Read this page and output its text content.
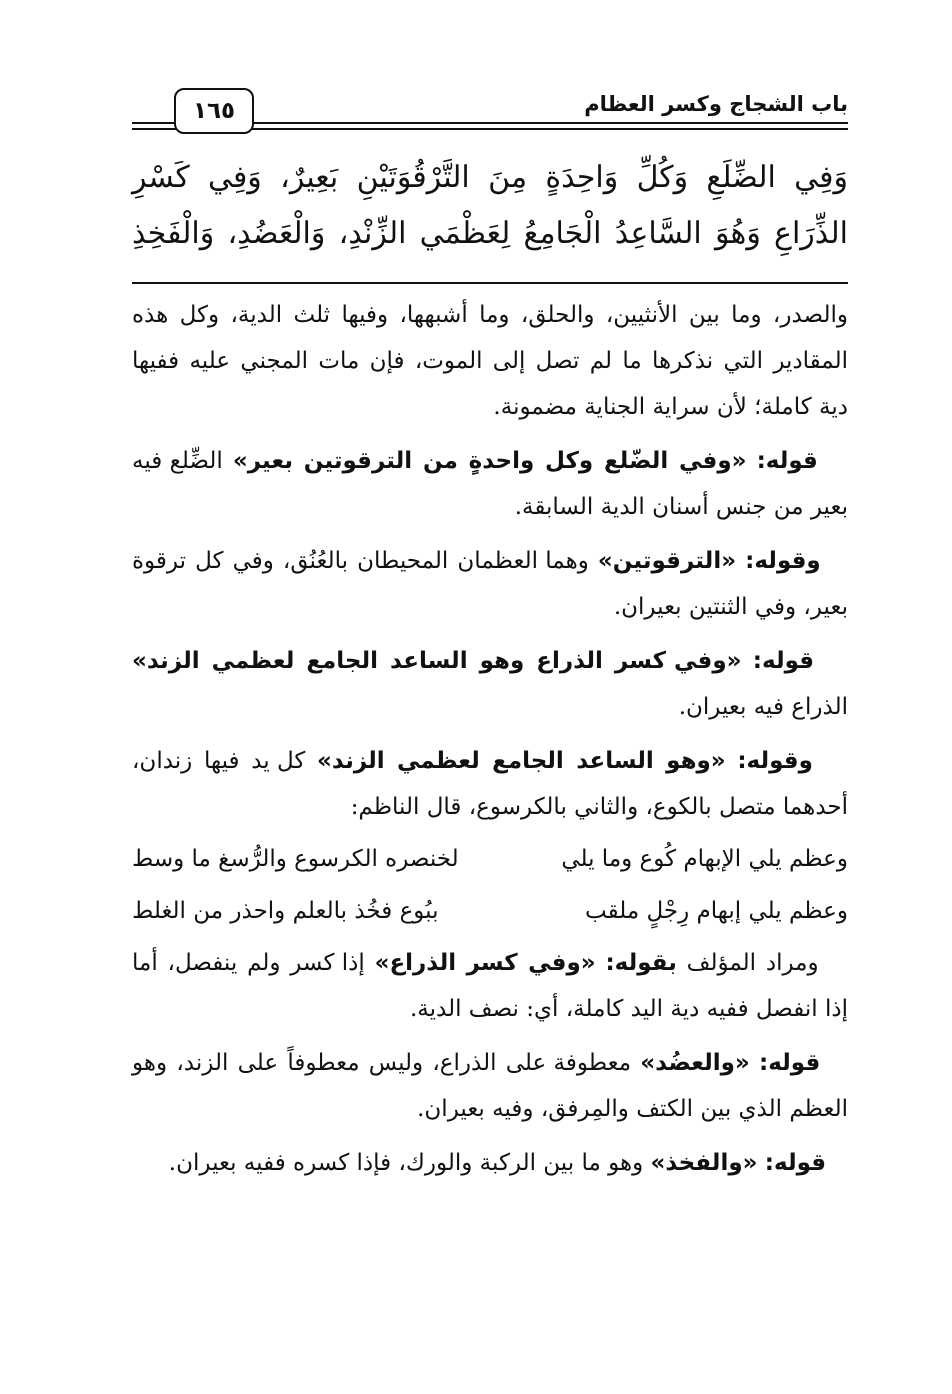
باب الشجاج وكسر العظام
١٦٥
وَفِي الضِّلَعِ وَكُلِّ وَاحِدَةٍ مِنَ التَّرْقُوَتَيْنِ بَعِيرٌ، وَفِي كَسْرِ
الذِّرَاعِ وَهُوَ السَّاعِدُ الْجَامِعُ لِعَظْمَي الزِّنْدِ، وَالْعَضُدِ، وَالْفَخِذِ

والصدر، وما بين الأنثيين، والحلق، وما أشبهها، وفيها ثلث الدية، وكل هذه المقادير التي نذكرها ما لم تصل إلى الموت، فإن مات المجني عليه ففيها دية كاملة؛ لأن سراية الجناية مضمونة.

قوله: «وفي الضّلع وكل واحدةٍ من الترقوتين بعير» الضِّلع فيه بعير من جنس أسنان الدية السابقة.

وقوله: «الترقوتين» وهما العظمان المحيطان بالعُنُق، وفي كل ترقوة بعير، وفي الثنتين بعيران.

قوله: «وفي كسر الذراع وهو الساعد الجامع لعظمي الزند» الذراع فيه بعيران.

وقوله: «وهو الساعد الجامع لعظمي الزند» كل يد فيها زندان، أحدهما متصل بالكوع، والثاني بالكرسوع، قال الناظم:

وعظم يلي الإبهام كُوع وما يلي
لخنصره الكرسوع والرُّسغ ما وسط
وعظم يلي إبهام رِجْلٍ ملقب
ببُوع فخُذ بالعلم واحذر من الغلط

ومراد المؤلف بقوله: «وفي كسر الذراع» إذا كسر ولم ينفصل، أما إذا انفصل ففيه دية اليد كاملة، أي: نصف الدية.

قوله: «والعضُد» معطوفة على الذراع، وليس معطوفاً على الزند، وهو العظم الذي بين الكتف والمِرفق، وفيه بعيران.

قوله: «والفخذ» وهو ما بين الركبة والورك، فإذا كسره ففيه بعيران.
